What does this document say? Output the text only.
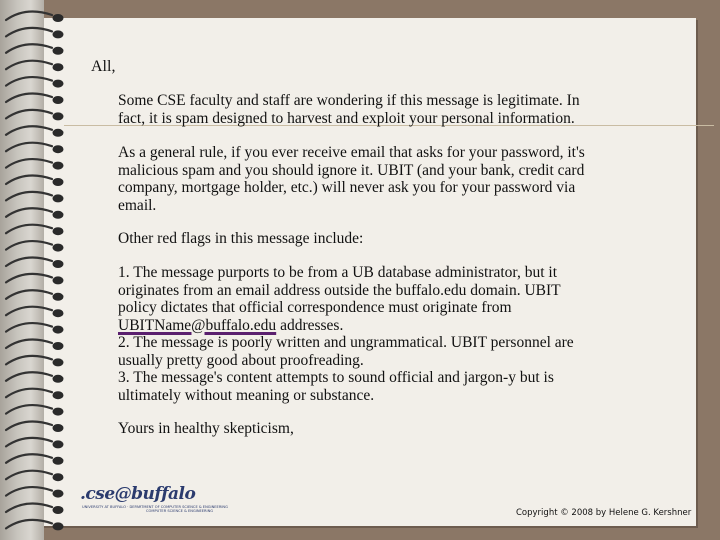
All,
Some CSE faculty and staff are wondering if this message is legitimate. In
fact, it is spam designed to harvest and exploit your personal information.
As a general rule, if you ever receive email that asks for your password, it's
malicious spam and you should ignore it. UBIT (and your bank, credit card
company, mortgage holder, etc.) will never ask you for your password via
email.
Other red flags in this message include:
1. The message purports to be from a UB database administrator, but it
originates from an email address outside the buffalo.edu domain. UBIT
policy dictates that official correspondence must originate from
UBITName@buffalo.edu addresses.
2. The message is poorly written and ungrammatical. UBIT personnel are
usually pretty good about proofreading.
3. The message's content attempts to sound official and jargon-y but is
ultimately without meaning or substance.
Yours in healthy skepticism,
.cse@buffalo
UNIVERSITY AT BUFFALO · DEPARTMENT OF COMPUTER SCIENCE & ENGINEERING
COMPUTER SCIENCE & ENGINEERING	Copyright © 2008 by Helene G. Kershner
